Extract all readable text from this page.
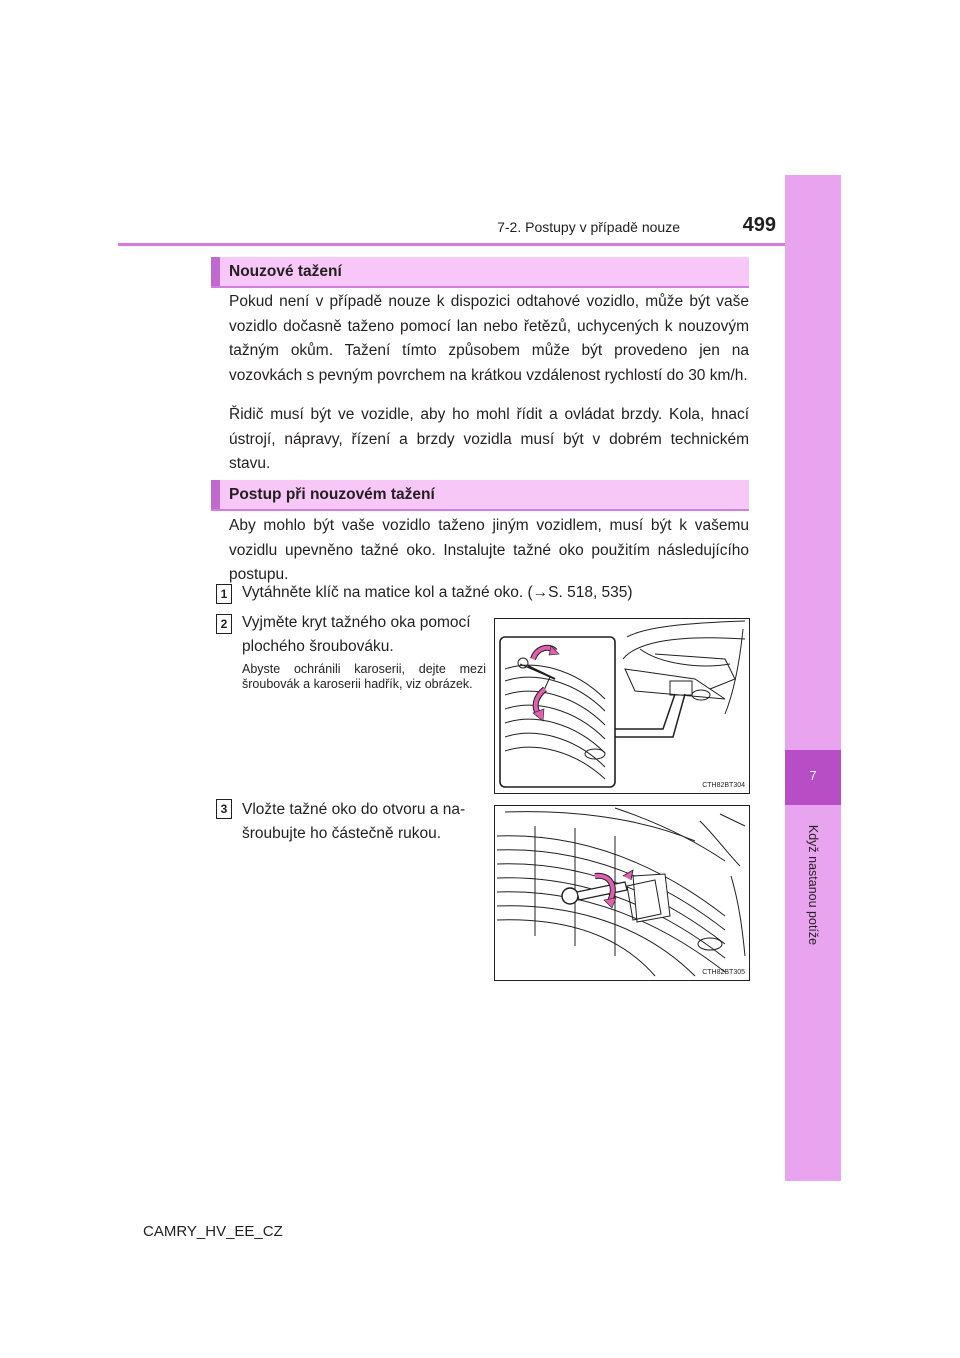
7-2. Postupy v případě nouze	499
7
Když nastanou potíže
Nouzové tažení
Pokud není v případě nouze k dispozici odtahové vozidlo, může být vaše vozidlo dočasně taženo pomocí lan nebo řetězů, uchycených k nouzovým tažným okům. Tažení tímto způsobem může být provedeno jen na vozovkách s pevným povrchem na krátkou vzdálenost rychlostí do 30 km/h.
Řidič musí být ve vozidle, aby ho mohl řídit a ovládat brzdy. Kola, hnací ústrojí, nápravy, řízení a brzdy vozidla musí být v dobrém technickém stavu.
Postup při nouzovém tažení
Aby mohlo být vaše vozidlo taženo jiným vozidlem, musí být k vašemu vozidlu upevněno tažné oko. Instalujte tažné oko použitím následujícího postupu.
1 Vytáhněte klíč na matice kol a tažné oko. (→S. 518, 535)
2 Vyjměte kryt tažného oka pomocí
plochého šroubováku.
Abyste ochránili karoserii, dejte mezi šroubovák a karoserii hadřík, viz obrázek.
CTH82BT304
3 Vložte tažné oko do otvoru a na-
šroubujte ho částečně rukou.
CTH82BT305
CAMRY_HV_EE_CZ
